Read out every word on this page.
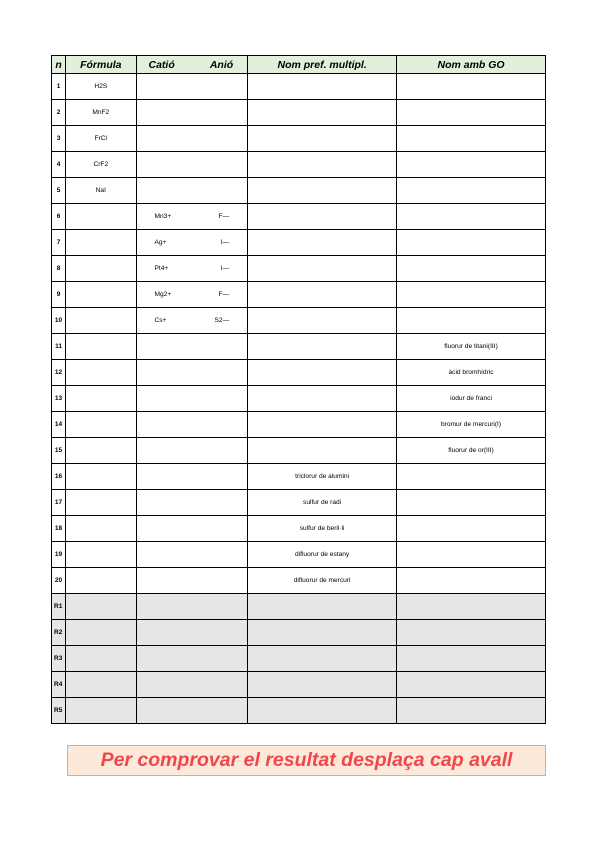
n	Fórmula	Catió Anió	Nom pref. multipl.	Nom amb GO
1	H2S	

2	MnF2	

3	FrCl	

4	CrF2	

5	NaI	

6		Mn3+ F—		

7		Ag+ I—		

8		Pt4+ I—		

9		Mg2+ F—		

10		Cs+ S2—		

11				fluorur de titani(III)
12				àcid bromhídric
13				iodur de franci
14				bromur de mercuri(I)
15				fluorur de or(III)
16			triclorur de alumini	
17			sulfur de radi	
18			sulfur de beril·li	
19			difluorur de estany	
20			difluorur de mercuri	
R1		

R2		

R3		

R4		

R5		

Per comprovar el resultat desplaça cap avall
